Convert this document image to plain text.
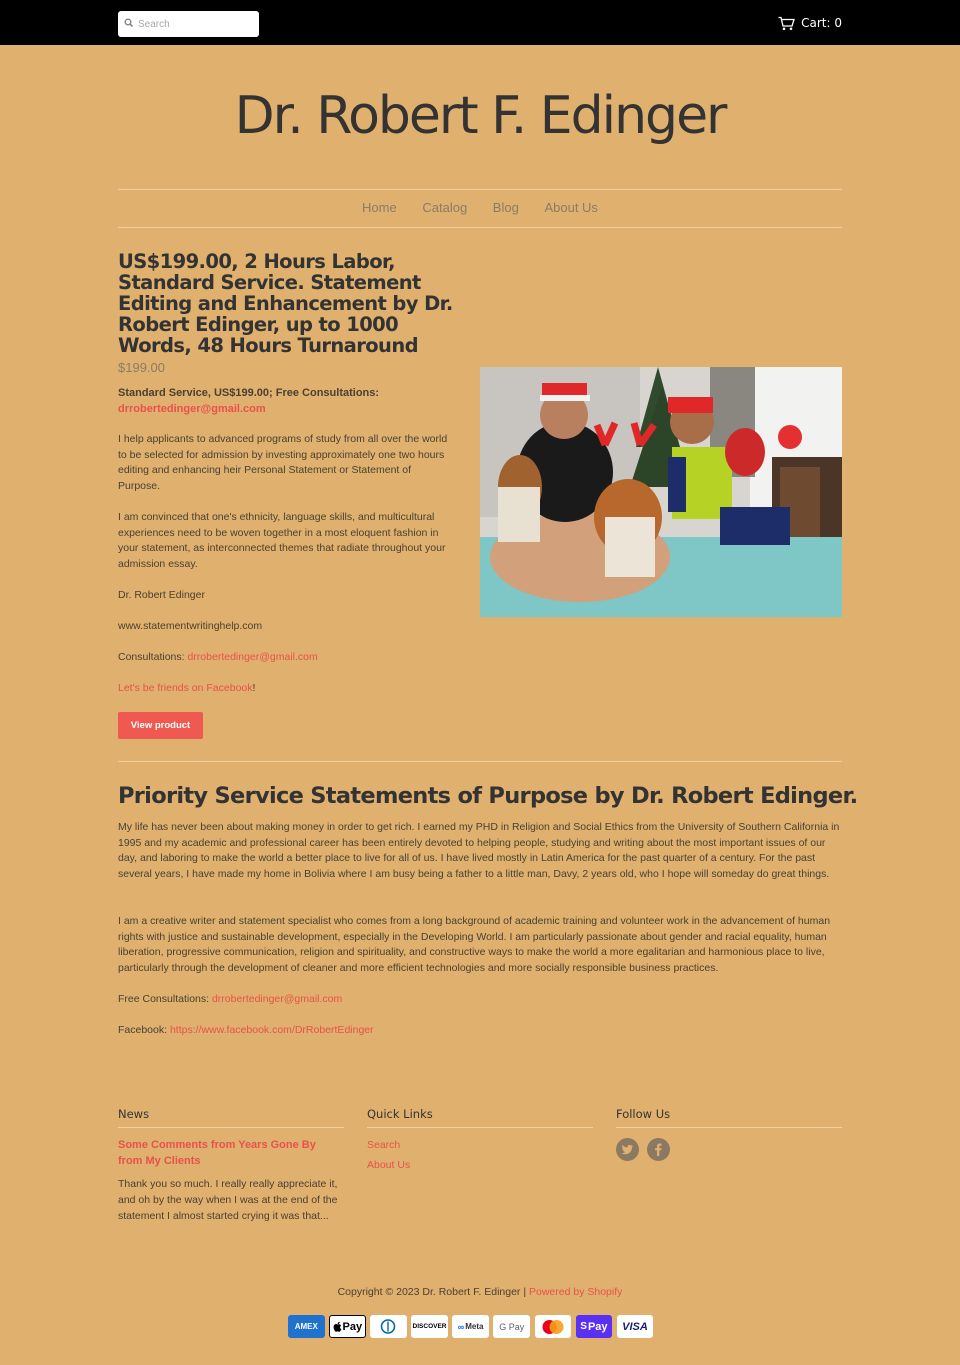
Search
Cart: 0
Dr. Robert F. Edinger
Home Catalog Blog About Us
US$199.00, 2 Hours Labor, Standard Service. Statement Editing and Enhancement by Dr. Robert Edinger, up to 1000 Words, 48 Hours Turnaround
$199.00
Standard Service, US$199.00; Free Consultations:
drrobertedinger@gmail.com

I help applicants to advanced programs of study from all over the world to be selected for admission by investing approximately one two hours editing and enhancing heir Personal Statement or Statement of Purpose.

I am convinced that one's ethnicity, language skills, and multicultural experiences need to be woven together in a most eloquent fashion in your statement, as interconnected themes that radiate throughout your admission essay.

Dr. Robert Edinger

www.statementwritinghelp.com

Consultations: drrobertedinger@gmail.com

Let's be friends on Facebook!

View product
Priority Service Statements of Purpose by Dr. Robert Edinger.

My life has never been about making money in order to get rich. I earned my PHD in Religion and Social Ethics from the University of Southern California in 1995 and my academic and professional career has been entirely devoted to helping people, studying and writing about the most important issues of our day, and laboring to make the world a better place to live for all of us. I have lived mostly in Latin America for the past quarter of a century. For the past several years, I have made my home in Bolivia where I am busy being a father to a little man, Davy, 2 years old, who I hope will someday do great things.

I am a creative writer and statement specialist who comes from a long background of academic training and volunteer work in the advancement of human rights with justice and sustainable development, especially in the Developing World. I am particularly passionate about gender and racial equality, human liberation, progressive communication, religion and spirituality, and constructive ways to make the world a more egalitarian and harmonious place to live, particularly through the development of cleaner and more efficient technologies and more socially responsible business practices.

Free Consultations: drrobertedinger@gmail.com

Facebook: https://www.facebook.com/DrRobertEdinger

News
Some Comments from Years Gone By from My Clients

Thank you so much. I really really appreciate it, and oh by the way when I was at the end of the statement I almost started crying it was that...

Quick Links
Search
About Us
Follow Us
Copyright © 2023 Dr. Robert F. Edinger | Powered by Shopify
AMEX	Pay	DISCOVER ∞ Meta	G Pay	S Pay	VISA
